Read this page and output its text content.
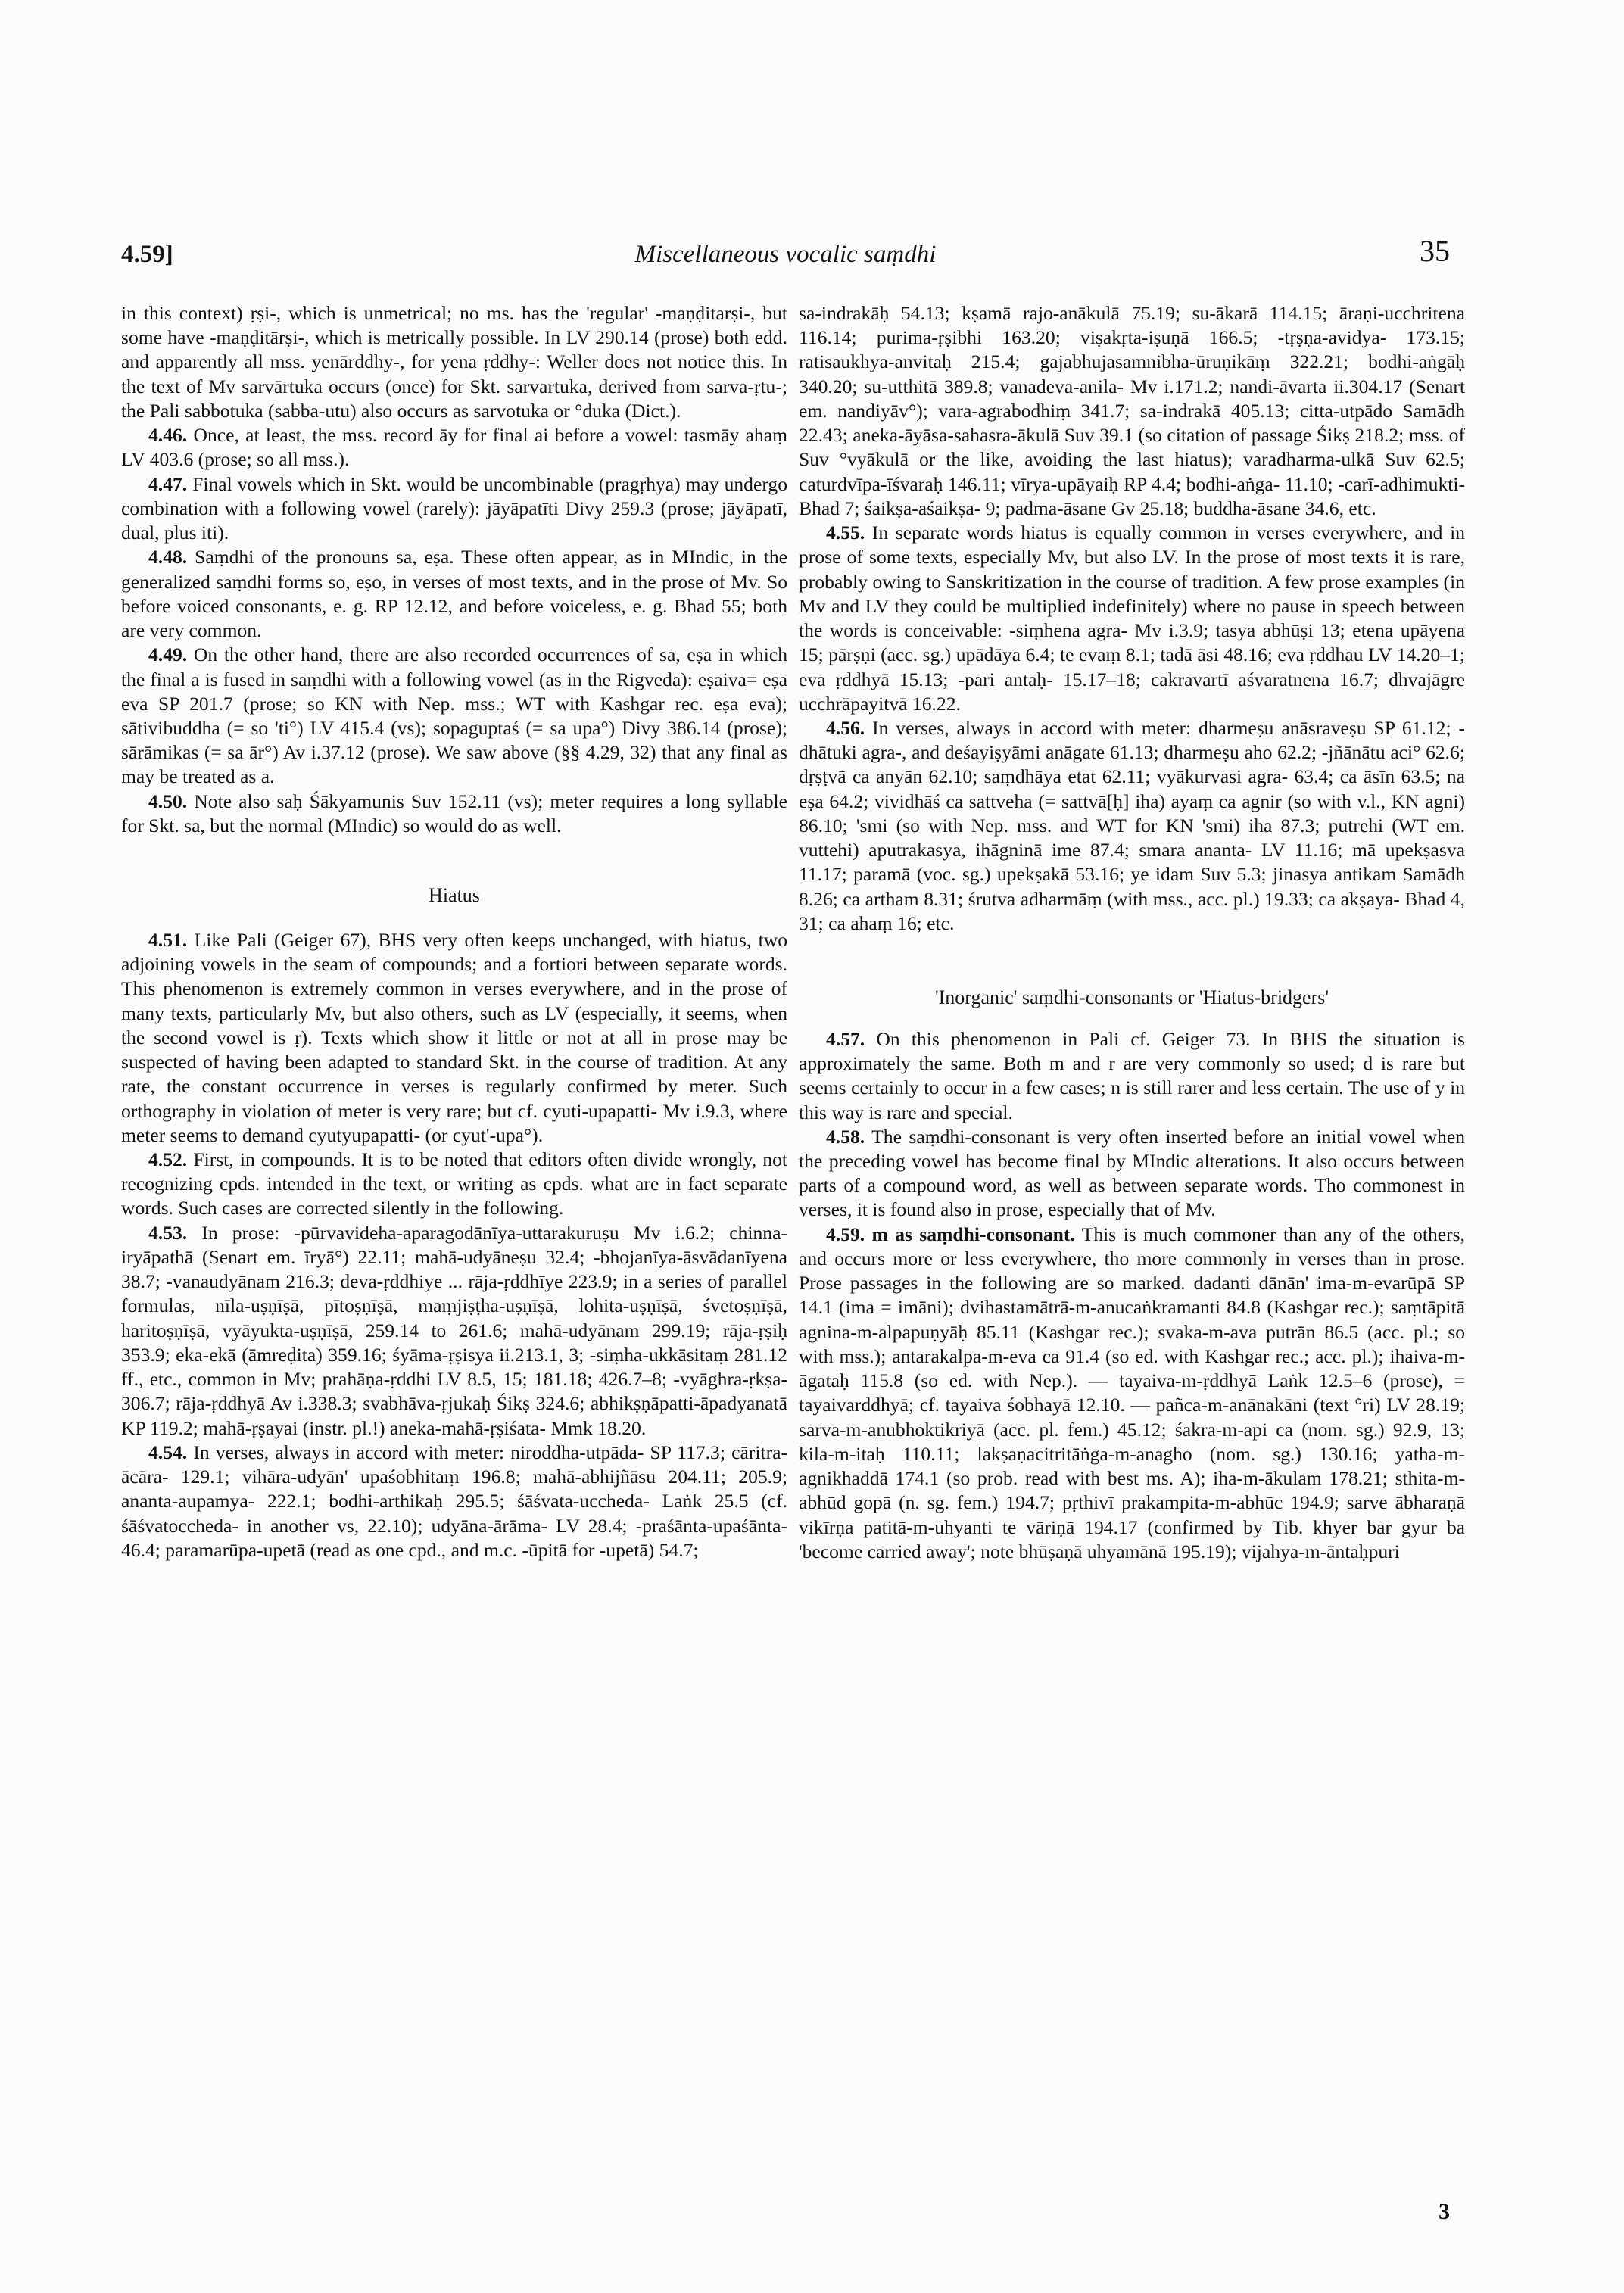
4.59]	Miscellaneous vocalic saṃdhi	35

in this context) ṛṣi-, which is unmetrical; no ms. has the 'regular' -maṇḍitarṣi-, but some have -maṇḍitārṣi-, which is metrically possible. In LV 290.14 (prose) both edd. and apparently all mss. yenārddhy-, for yena ṛddhy-: Weller does not notice this. In the text of Mv sarvārtuka occurs (once) for Skt. sarvartuka, derived from sarva-ṛtu-; the Pali sabbotuka (sabba-utu) also occurs as sarvotuka or °duka (Dict.).

4.46. Once, at least, the mss. record āy for final ai before a vowel: tasmāy ahaṃ LV 403.6 (prose; so all mss.).

4.47. Final vowels which in Skt. would be uncombinable (pragṛhya) may undergo combination with a following vowel (rarely): jāyāpatīti Divy 259.3 (prose; jāyāpatī, dual, plus iti).

4.48. Saṃdhi of the pronouns sa, eṣa. These often appear, as in MIndic, in the generalized saṃdhi forms so, eṣo, in verses of most texts, and in the prose of Mv. So before voiced consonants, e. g. RP 12.12, and before voiceless, e. g. Bhad 55; both are very common.

4.49. On the other hand, there are also recorded occurrences of sa, eṣa in which the final a is fused in saṃdhi with a following vowel (as in the Rigveda): eṣaiva= eṣa eva SP 201.7 (prose; so KN with Nep. mss.; WT with Kashgar rec. eṣa eva); sātivibuddha (= so 'ti°) LV 415.4 (vs); sopaguptaś (= sa upa°) Divy 386.14 (prose); sārāmikas (= sa ār°) Av i.37.12 (prose). We saw above (§§ 4.29, 32) that any final as may be treated as a.

4.50. Note also saḥ Śākyamunis Suv 152.11 (vs); meter requires a long syllable for Skt. sa, but the normal (MIndic) so would do as well.

Hiatus

4.51. Like Pali (Geiger 67), BHS very often keeps unchanged, with hiatus, two adjoining vowels in the seam of compounds; and a fortiori between separate words. This phenomenon is extremely common in verses everywhere, and in the prose of many texts, particularly Mv, but also others, such as LV (especially, it seems, when the second vowel is ṛ). Texts which show it little or not at all in prose may be suspected of having been adapted to standard Skt. in the course of tradition. At any rate, the constant occurrence in verses is regularly confirmed by meter. Such orthography in violation of meter is very rare; but cf. cyuti-upapatti- Mv i.9.3, where meter seems to demand cyutyupapatti- (or cyut'-upa°).

4.52. First, in compounds. It is to be noted that editors often divide wrongly, not recognizing cpds. intended in the text, or writing as cpds. what are in fact separate words. Such cases are corrected silently in the following.

4.53. In prose: -pūrvavideha-aparagodānīya-uttarakuruṣu Mv i.6.2; chinna-iryāpathā (Senart em. īryā°) 22.11; mahā-udyāneṣu 32.4; -bhojanīya-āsvādanīyena 38.7; -vanaudyānam 216.3; deva-ṛddhiye ... rāja-ṛddhīye 223.9; in a series of parallel formulas, nīla-uṣṇīṣā, pītoṣṇīṣā, maṃjiṣṭha-uṣṇīṣā, lohita-uṣṇīṣā, śvetoṣṇīṣā, haritoṣṇīṣā, vyāyukta-uṣṇīṣā, 259.14 to 261.6; mahā-udyānam 299.19; rāja-ṛṣiḥ 353.9; eka-ekā (āmreḍita) 359.16; śyāma-ṛṣisya ii.213.1, 3; -siṃha-ukkāsitaṃ 281.12 ff., etc., common in Mv; prahāṇa-ṛddhi LV 8.5, 15; 181.18; 426.7–8; -vyāghra-ṛkṣa- 306.7; rāja-ṛddhyā Av i.338.3; svabhāva-ṛjukaḥ Śikṣ 324.6; abhikṣṇāpatti-āpadyanatā KP 119.2; mahā-ṛṣayai (instr. pl.!) aneka-mahā-ṛṣiśata- Mmk 18.20.

4.54. In verses, always in accord with meter: niroddha-utpāda- SP 117.3; cāritra-ācāra- 129.1; vihāra-udyān' upaśobhitaṃ 196.8; mahā-abhijñāsu 204.11; 205.9; ananta-aupamya- 222.1; bodhi-arthikaḥ 295.5; śāśvata-uccheda- Laṅk 25.5 (cf. śāśvatoccheda- in another vs, 22.10); udyāna-ārāma- LV 28.4; -praśānta-upaśānta- 46.4; paramarūpa-upetā (read as one cpd., and m.c. -ūpitā for -upetā) 54.7;

sa-indrakāḥ 54.13; kṣamā rajo-anākulā 75.19; su-ākarā 114.15; āraṇi-ucchritena 116.14; purima-ṛṣibhi 163.20; viṣakṛta-iṣuṇā 166.5; -tṛṣṇa-avidya- 173.15; ratisaukhya-anvitaḥ 215.4; gajabhujasamnibha-ūruṇikāṃ 322.21; bodhi-aṅgāḥ 340.20; su-utthitā 389.8; vanadeva-anila- Mv i.171.2; nandi-āvarta ii.304.17 (Senart em. nandiyāv°); vara-agrabodhiṃ 341.7; sa-indrakā 405.13; citta-utpādo Samādh 22.43; aneka-āyāsa-sahasra-ākulā Suv 39.1 (so citation of passage Śikṣ 218.2; mss. of Suv °vyākulā or the like, avoiding the last hiatus); varadharma-ulkā Suv 62.5; caturdvīpa-īśvaraḥ 146.11; vīrya-upāyaiḥ RP 4.4; bodhi-aṅga- 11.10; -carī-adhimukti- Bhad 7; śaikṣa-aśaikṣa- 9; padma-āsane Gv 25.18; buddha-āsane 34.6, etc.

4.55. In separate words hiatus is equally common in verses everywhere, and in prose of some texts, especially Mv, but also LV. In the prose of most texts it is rare, probably owing to Sanskritization in the course of tradition. A few prose examples (in Mv and LV they could be multiplied indefinitely) where no pause in speech between the words is conceivable: -siṃhena agra- Mv i.3.9; tasya abhūṣi 13; etena upāyena 15; pārṣṇi (acc. sg.) upādāya 6.4; te evaṃ 8.1; tadā āsi 48.16; eva ṛddhau LV 14.20–1; eva ṛddhyā 15.13; -pari antaḥ- 15.17–18; cakravartī aśvaratnena 16.7; dhvajāgre ucchrāpayitvā 16.22.

4.56. In verses, always in accord with meter: dharmeṣu anāsraveṣu SP 61.12; -dhātuki agra-, and deśayiṣyāmi anāgate 61.13; dharmeṣu aho 62.2; -jñānātu aci° 62.6; dṛṣṭvā ca anyān 62.10; saṃdhāya etat 62.11; vyākurvasi agra- 63.4; ca āsīn 63.5; na eṣa 64.2; vividhāś ca sattveha (= sattvā[ḥ] iha) ayaṃ ca agnir (so with v.l., KN agni) 86.10; 'smi (so with Nep. mss. and WT for KN 'smi) iha 87.3; putrehi (WT em. vuttehi) aputrakasya, ihāgninā ime 87.4; smara ananta- LV 11.16; mā upekṣasva 11.17; paramā (voc. sg.) upekṣakā 53.16; ye idam Suv 5.3; jinasya antikam Samādh 8.26; ca artham 8.31; śrutva adharmāṃ (with mss., acc. pl.) 19.33; ca akṣaya- Bhad 4, 31; ca ahaṃ 16; etc.

'Inorganic' saṃdhi-consonants or 'Hiatus-bridgers'

4.57. On this phenomenon in Pali cf. Geiger 73. In BHS the situation is approximately the same. Both m and r are very commonly so used; d is rare but seems certainly to occur in a few cases; n is still rarer and less certain. The use of y in this way is rare and special.

4.58. The saṃdhi-consonant is very often inserted before an initial vowel when the preceding vowel has become final by MIndic alterations. It also occurs between parts of a compound word, as well as between separate words. Tho commonest in verses, it is found also in prose, especially that of Mv.

4.59. m as saṃdhi-consonant. This is much commoner than any of the others, and occurs more or less everywhere, tho more commonly in verses than in prose. Prose passages in the following are so marked. dadanti dānān' ima-m-evarūpā SP 14.1 (ima = imāni); dvihastamātrā-m-anucaṅkramanti 84.8 (Kashgar rec.); saṃtāpitā agnina-m-alpapuṇyāḥ 85.11 (Kashgar rec.); svaka-m-ava putrān 86.5 (acc. pl.; so with mss.); antarakalpa-m-eva ca 91.4 (so ed. with Kashgar rec.; acc. pl.); ihaiva-m-āgataḥ 115.8 (so ed. with Nep.). — tayaiva-m-ṛddhyā Laṅk 12.5–6 (prose), = tayaivarddhyā; cf. tayaiva śobhayā 12.10. — pañca-m-anānakāni (text °ri) LV 28.19; sarva-m-anubhoktikriyā (acc. pl. fem.) 45.12; śakra-m-api ca (nom. sg.) 92.9, 13; kila-m-itaḥ 110.11; lakṣaṇacitritāṅga-m-anagho (nom. sg.) 130.16; yatha-m-agnikhaddā 174.1 (so prob. read with best ms. A); iha-m-ākulam 178.21; sthita-m-abhūd gopā (n. sg. fem.) 194.7; pṛthivī prakampita-m-abhūc 194.9; sarve ābharaṇā vikīrṇa patitā-m-uhyanti te vāriṇā 194.17 (confirmed by Tib. khyer bar gyur ba 'become carried away'; note bhūṣaṇā uhyamānā 195.19); vijahya-m-āntaḥpuri

3
